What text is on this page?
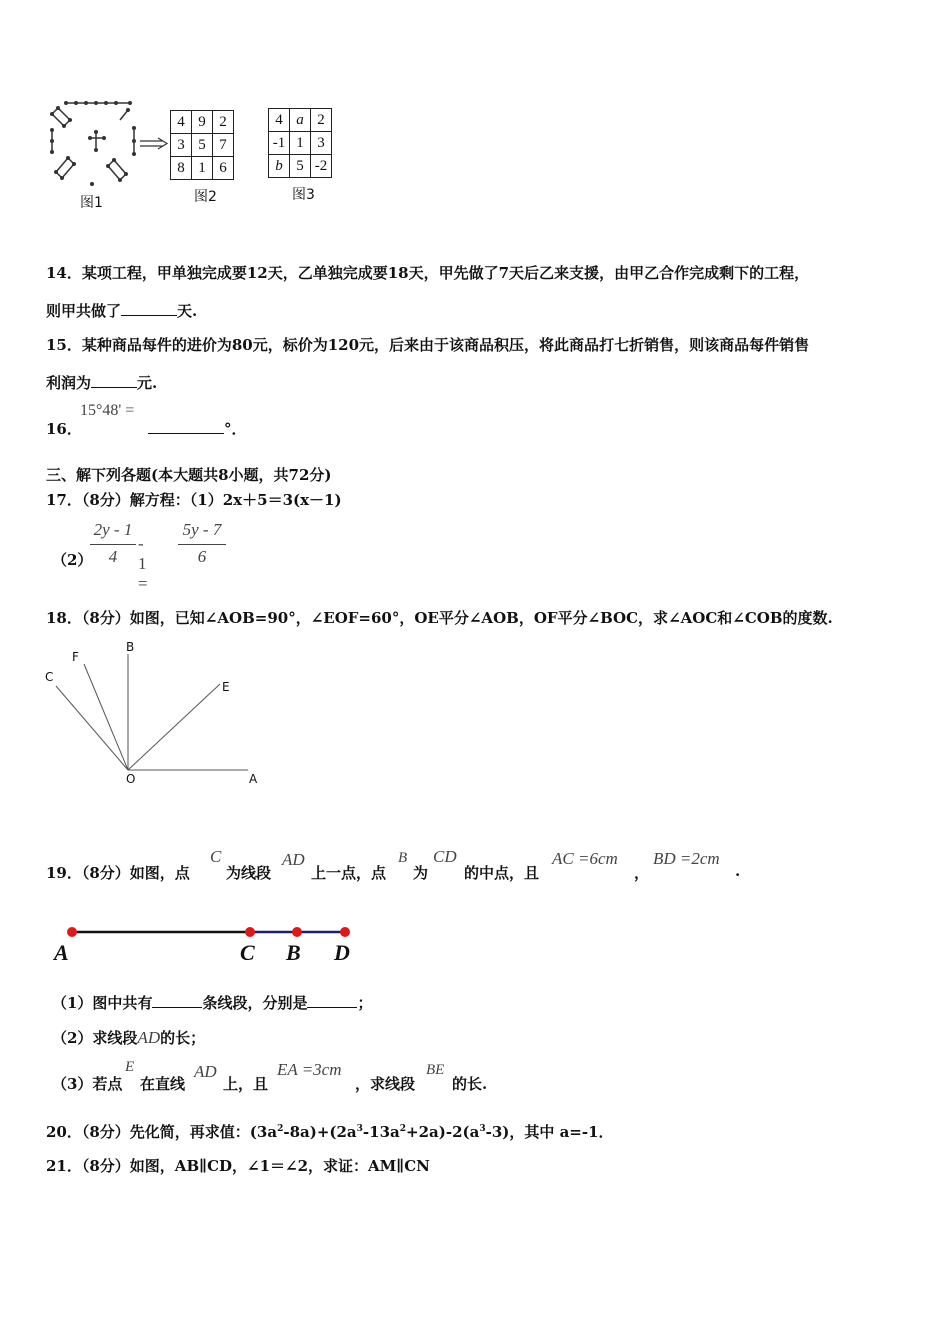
图1
4	9	2
3	5	7
8	1	6
图2
4	a	2
-1	1	3
b	5	-2
图3
14．某项工程，甲单独完成要12天，乙单独完成要18天，甲先做了7天后乙来支援，由甲乙合作完成剩下的工程，
则甲共做了	天.
15．某种商品每件的进价为80元，标价为120元，后来由于该商品积压，将此商品打七折销售，则该商品每件销售
利润为	元.
16．
15°48' =
°．
三、解下列各题(本大题共8小题，共72分)
17．（8分）解方程：（1）2x＋5＝3(x－1)
（2）
2y - 1
4
- 1 =
5y - 7
6
18．（8分）如图，已知∠AOB=90°，∠EOF=60°，OE平分∠AOB，OF平分∠BOC，求∠AOC和∠COB的度数.
B
F
C
E
O	A
19．（8分）如图，点
C
为线段
AD
上一点，点
B
为
CD
的中点，且
AC =6cm
，
BD =2cm
.
A	C B D
（1）图中共有	条线段，分别是	；
（2）求线段AD的长；
（3）若点
E
在直线
AD
上，且
EA =3cm
，求线段
BE
的长.
20．（8分）先化简，再求值：$(3a^2-8a)+(2a^3-13a^2+2a)-2(a^3-3)$，其中 a=-1．
21．（8分）如图，AB∥CD，∠1＝∠2，求证：AM∥CN
